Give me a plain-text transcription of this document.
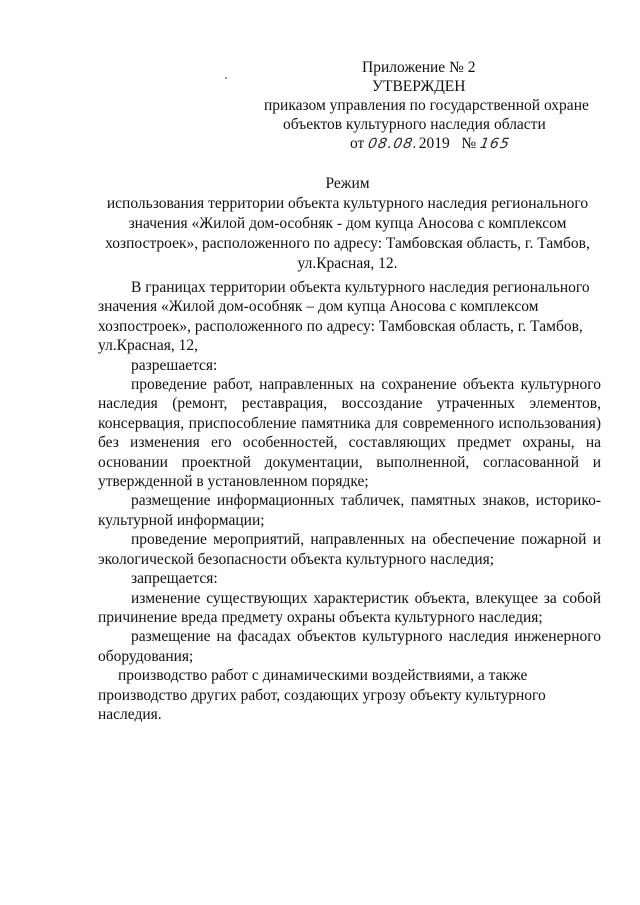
Приложение № 2
УТВЕРЖДЕН
приказом управления по государственной охране
объектов культурного наследия области
от 08.08.2019 № 165
Режим
использования территории объекта культурного наследия регионального
значения «Жилой дом-особняк - дом купца Аносова с комплексом
хозпостроек», расположенного по адресу: Тамбовская область, г. Тамбов,
ул.Красная, 12.

В границах территории объекта культурного наследия регионального значения «Жилой дом-особняк – дом купца Аносова с комплексом хозпостроек», расположенного по адресу: Тамбовская область, г. Тамбов, ул.Красная, 12,

разрешается:

проведение работ, направленных на сохранение объекта культурного наследия (ремонт, реставрация, воссоздание утраченных элементов, консервация, приспособление памятника для современного использования) без изменения его особенностей, составляющих предмет охраны, на основании проектной документации, выполненной, согласованной и утвержденной в установленном порядке;

размещение информационных табличек, памятных знаков, историко-культурной информации;

проведение мероприятий, направленных на обеспечение пожарной и экологической безопасности объекта культурного наследия;

запрещается:

изменение существующих характеристик объекта, влекущее за собой причинение вреда предмету охраны объекта культурного наследия;

размещение на фасадах объектов культурного наследия инженерного оборудования;

производство работ с динамическими воздействиями, а также производство других работ, создающих угрозу объекту культурного наследия.
